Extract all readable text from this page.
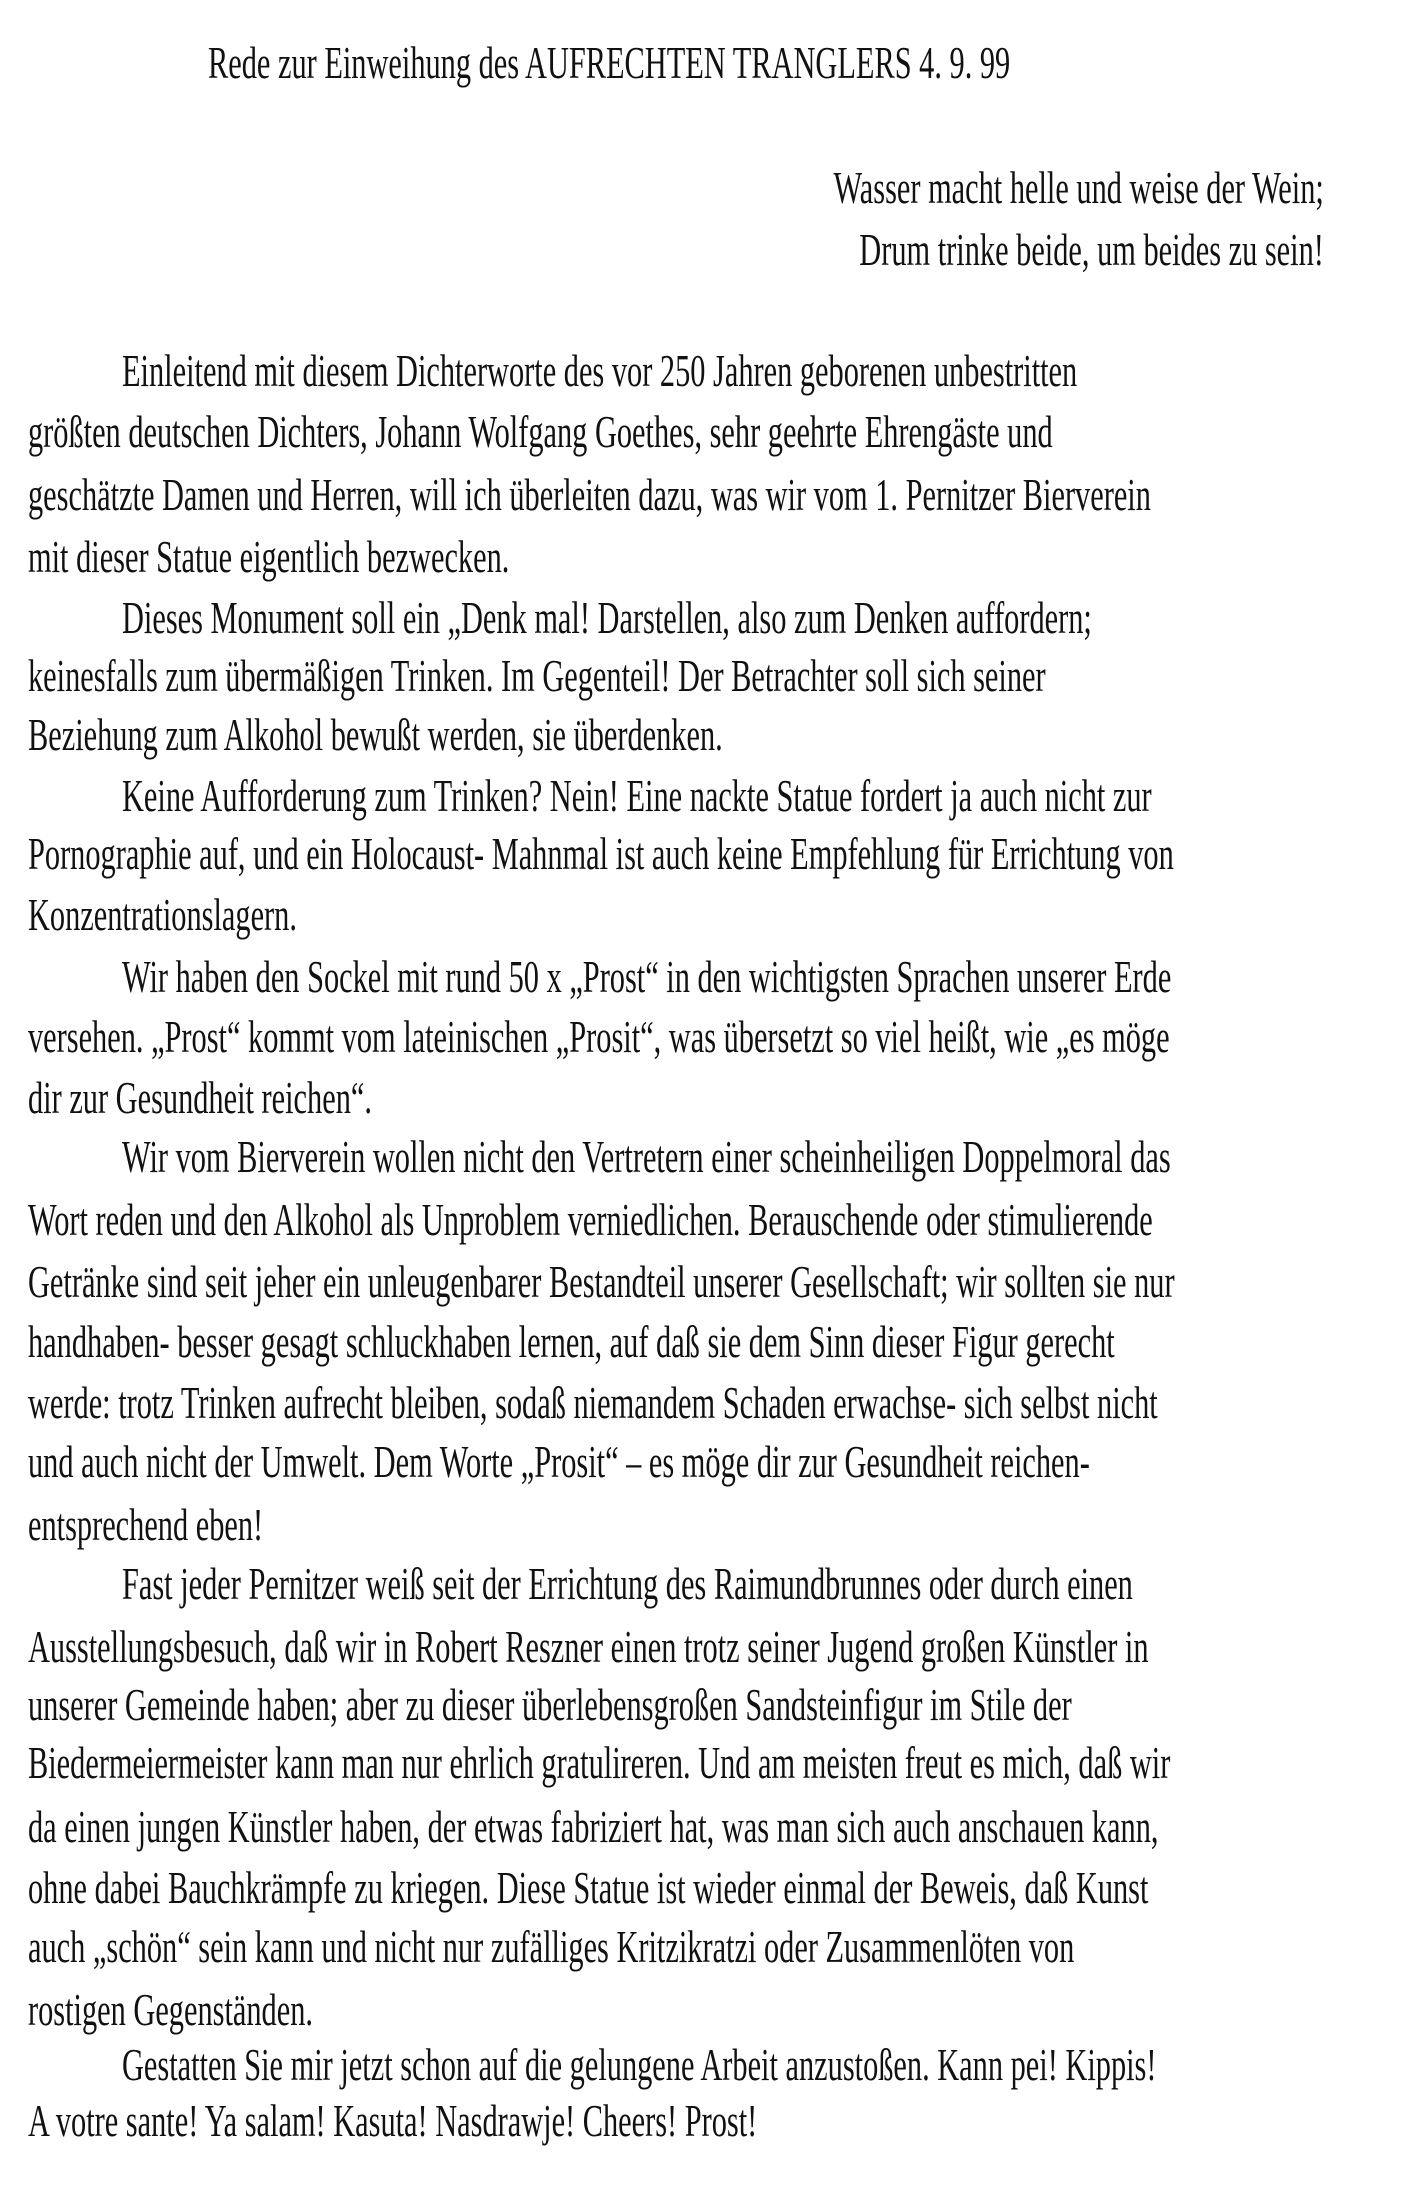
Rede zur Einweihung des AUFRECHTEN TRANGLERS 4. 9. 99
Wasser macht helle und weise der Wein;
Drum trinke beide, um beides zu sein!
Einleitend mit diesem Dichterworte des vor 250 Jahren geborenen unbestritten
größten deutschen Dichters, Johann Wolfgang Goethes, sehr geehrte Ehrengäste und
geschätzte Damen und Herren, will ich überleiten dazu, was wir vom 1. Pernitzer Bierverein
mit dieser Statue eigentlich bezwecken.
Dieses Monument soll ein „Denk mal! Darstellen, also zum Denken auffordern;
keinesfalls zum übermäßigen Trinken. Im Gegenteil! Der Betrachter soll sich seiner
Beziehung zum Alkohol bewußt werden, sie überdenken.
Keine Aufforderung zum Trinken? Nein! Eine nackte Statue fordert ja auch nicht zur
Pornographie auf, und ein Holocaust- Mahnmal ist auch keine Empfehlung für Errichtung von
Konzentrationslagern.
Wir haben den Sockel mit rund 50 x „Prost“ in den wichtigsten Sprachen unserer Erde
versehen. „Prost“ kommt vom lateinischen „Prosit“, was übersetzt so viel heißt, wie „es möge
dir zur Gesundheit reichen“.
Wir vom Bierverein wollen nicht den Vertretern einer scheinheiligen Doppelmoral das
Wort reden und den Alkohol als Unproblem verniedlichen. Berauschende oder stimulierende
Getränke sind seit jeher ein unleugenbarer Bestandteil unserer Gesellschaft; wir sollten sie nur
handhaben- besser gesagt schluckhaben lernen, auf daß sie dem Sinn dieser Figur gerecht
werde: trotz Trinken aufrecht bleiben, sodaß niemandem Schaden erwachse- sich selbst nicht
und auch nicht der Umwelt. Dem Worte „Prosit“ – es möge dir zur Gesundheit reichen-
entsprechend eben!
Fast jeder Pernitzer weiß seit der Errichtung des Raimundbrunnes oder durch einen
Ausstellungsbesuch, daß wir in Robert Reszner einen trotz seiner Jugend großen Künstler in
unserer Gemeinde haben; aber zu dieser überlebensgroßen Sandsteinfigur im Stile der
Biedermeiermeister kann man nur ehrlich gratulireren. Und am meisten freut es mich, daß wir
da einen jungen Künstler haben, der etwas fabriziert hat, was man sich auch anschauen kann,
ohne dabei Bauchkrämpfe zu kriegen. Diese Statue ist wieder einmal der Beweis, daß Kunst
auch „schön“ sein kann und nicht nur zufälliges Kritzikratzi oder Zusammenlöten von
rostigen Gegenständen.
Gestatten Sie mir jetzt schon auf die gelungene Arbeit anzustoßen. Kann pei! Kippis!
A votre sante! Ya salam! Kasuta! Nasdrawje! Cheers! Prost!
